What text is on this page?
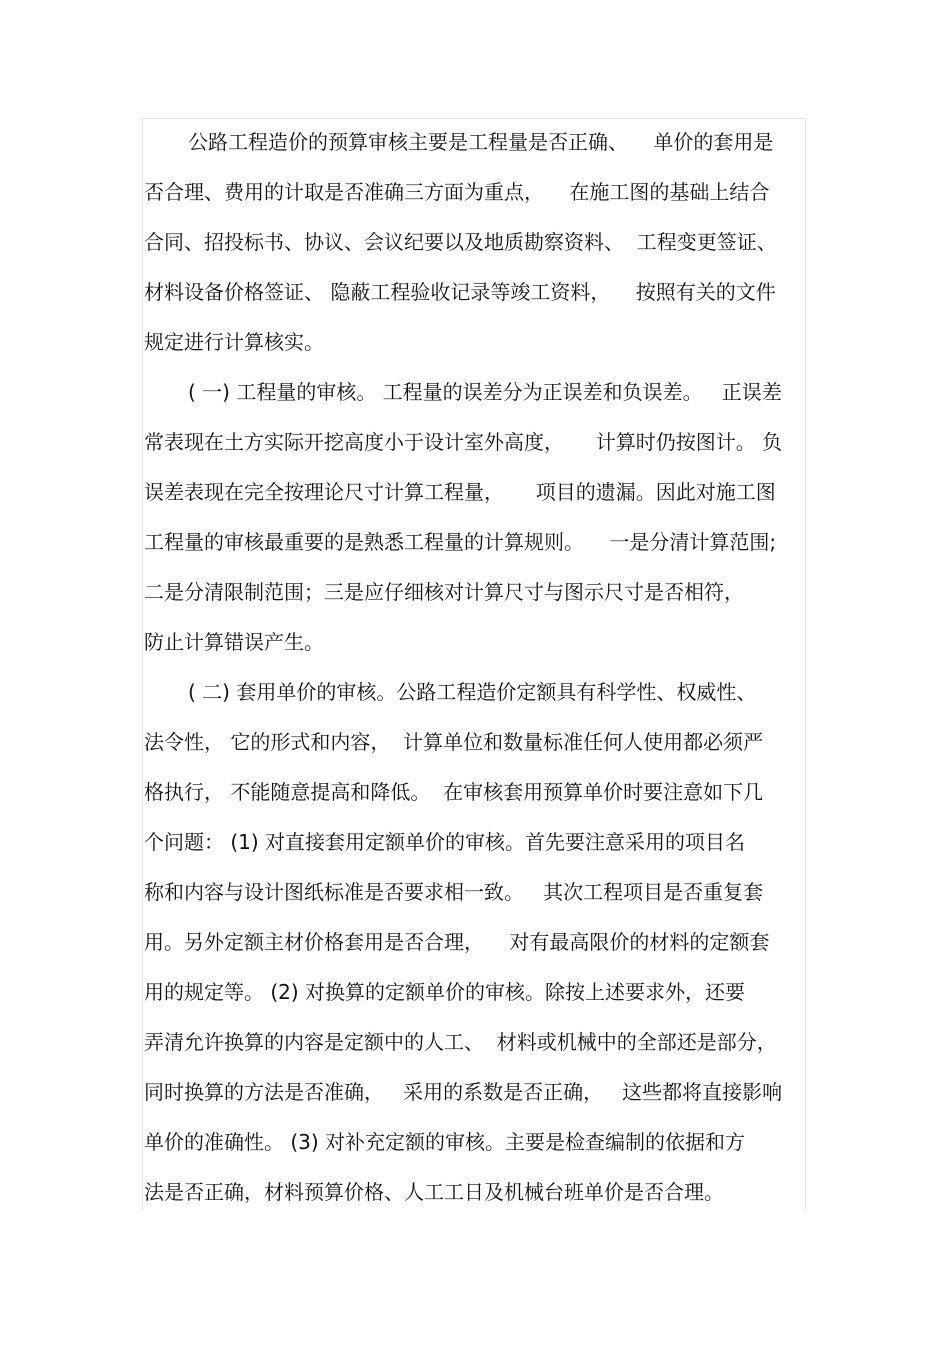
公路工程造价的预算审核主要是工程量是否正确、    单价的套用是
否合理、费用的计取是否准确三方面为重点，    在施工图的基础上结合
合同、招投标书、协议、会议纪要以及地质勘察资料、  工程变更签证、
材料设备价格签证、 隐蔽工程验收记录等竣工资料，    按照有关的文件
规定进行计算核实。
( 一) 工程量的审核。 工程量的误差分为正误差和负误差。   正误差
常表现在土方实际开挖高度小于设计室外高度，     计算时仍按图计。 负
误差表现在完全按理论尺寸计算工程量，     项目的遗漏。因此对施工图
工程量的审核最重要的是熟悉工程量的计算规则。    一是分清计算范围;
二是分清限制范围；三是应仔细核对计算尺寸与图示尺寸是否相符，
防止计算错误产生。
( 二) 套用单价的审核。公路工程造价定额具有科学性、权威性、
法令性， 它的形式和内容，  计算单位和数量标准任何人使用都必须严
格执行， 不能随意提高和降低。  在审核套用预算单价时要注意如下几
个问题： (1) 对直接套用定额单价的审核。首先要注意采用的项目名
称和内容与设计图纸标准是否要求相一致。   其次工程项目是否重复套
用。另外定额主材价格套用是否合理，    对有最高限价的材料的定额套
用的规定等。 (2) 对换算的定额单价的审核。除按上述要求外，还要
弄清允许换算的内容是定额中的人工、  材料或机械中的全部还是部分，
同时换算的方法是否准确，   采用的系数是否正确，   这些都将直接影响
单价的准确性。 (3) 对补充定额的审核。主要是检查编制的依据和方
法是否正确，材料预算价格、人工工日及机械台班单价是否合理。
